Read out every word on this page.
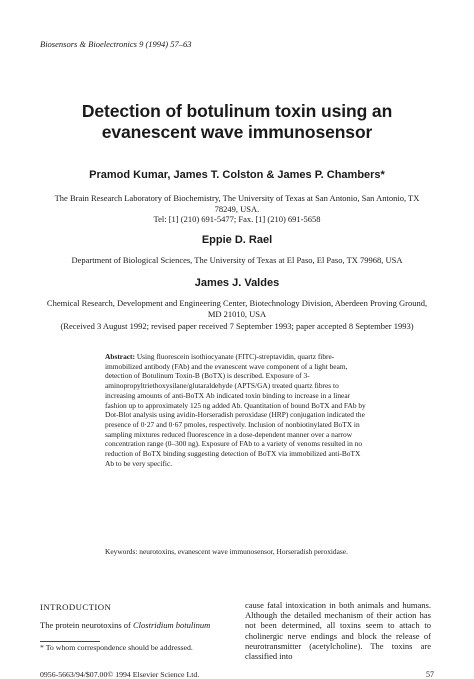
Biosensors & Bioelectronics 9 (1994) 57–63
Detection of botulinum toxin using an
evanescent wave immunosensor
Pramod Kumar, James T. Colston & James P. Chambers*
The Brain Research Laboratory of Biochemistry, The University of Texas at San Antonio, San Antonio, TX
78249, USA.
Tel: [1] (210) 691-5477; Fax. [1] (210) 691-5658
Eppie D. Rael
Department of Biological Sciences, The University of Texas at El Paso, El Paso, TX 79968, USA
James J. Valdes
Chemical Research, Development and Engineering Center, Biotechnology Division, Aberdeen Proving Ground,
MD 21010, USA
(Received 3 August 1992; revised paper received 7 September 1993; paper accepted 8 September 1993)
Abstract: Using fluorescein isothiocyanate (FITC)-streptavidin, quartz fibre-immobilized antibody (FAb) and the evanescent wave component of a light beam, detection of Botulinum Toxin-B (BoTX) is described. Exposure of 3-aminopropyltriethoxysilane/glutaraldehyde (APTS/GA) treated quartz fibres to increasing amounts of anti-BoTX Ab indicated toxin binding to increase in a linear fashion up to approximately 125 ng added Ab. Quantitation of bound BoTX and FAb by Dot-Blot analysis using avidin-Horseradish peroxidase (HRP) conjugation indicated the presence of 0·27 and 0·67 pmoles, respectively. Inclusion of nonbiotinylated BoTX in sampling mixtures reduced fluorescence in a dose-dependent manner over a narrow concentration range (0–300 ng). Exposure of FAb to a variety of venoms resulted in no reduction of BoTX binding suggesting detection of BoTX via immobilized anti-BoTX Ab to be very specific.
Keywords: neurotoxins, evanescent wave immunosensor, Horseradish peroxidase.
INTRODUCTION
The protein neurotoxins of Clostridium botulinum
cause fatal intoxication in both animals and humans. Although the detailed mechanism of their action has not been determined, all toxins seem to attach to cholinergic nerve endings and block the release of neurotransmitter (acetylcholine). The toxins are classified into
* To whom correspondence should be addressed.
0956-5663/94/$07.00© 1994 Elsevier Science Ltd.	57
